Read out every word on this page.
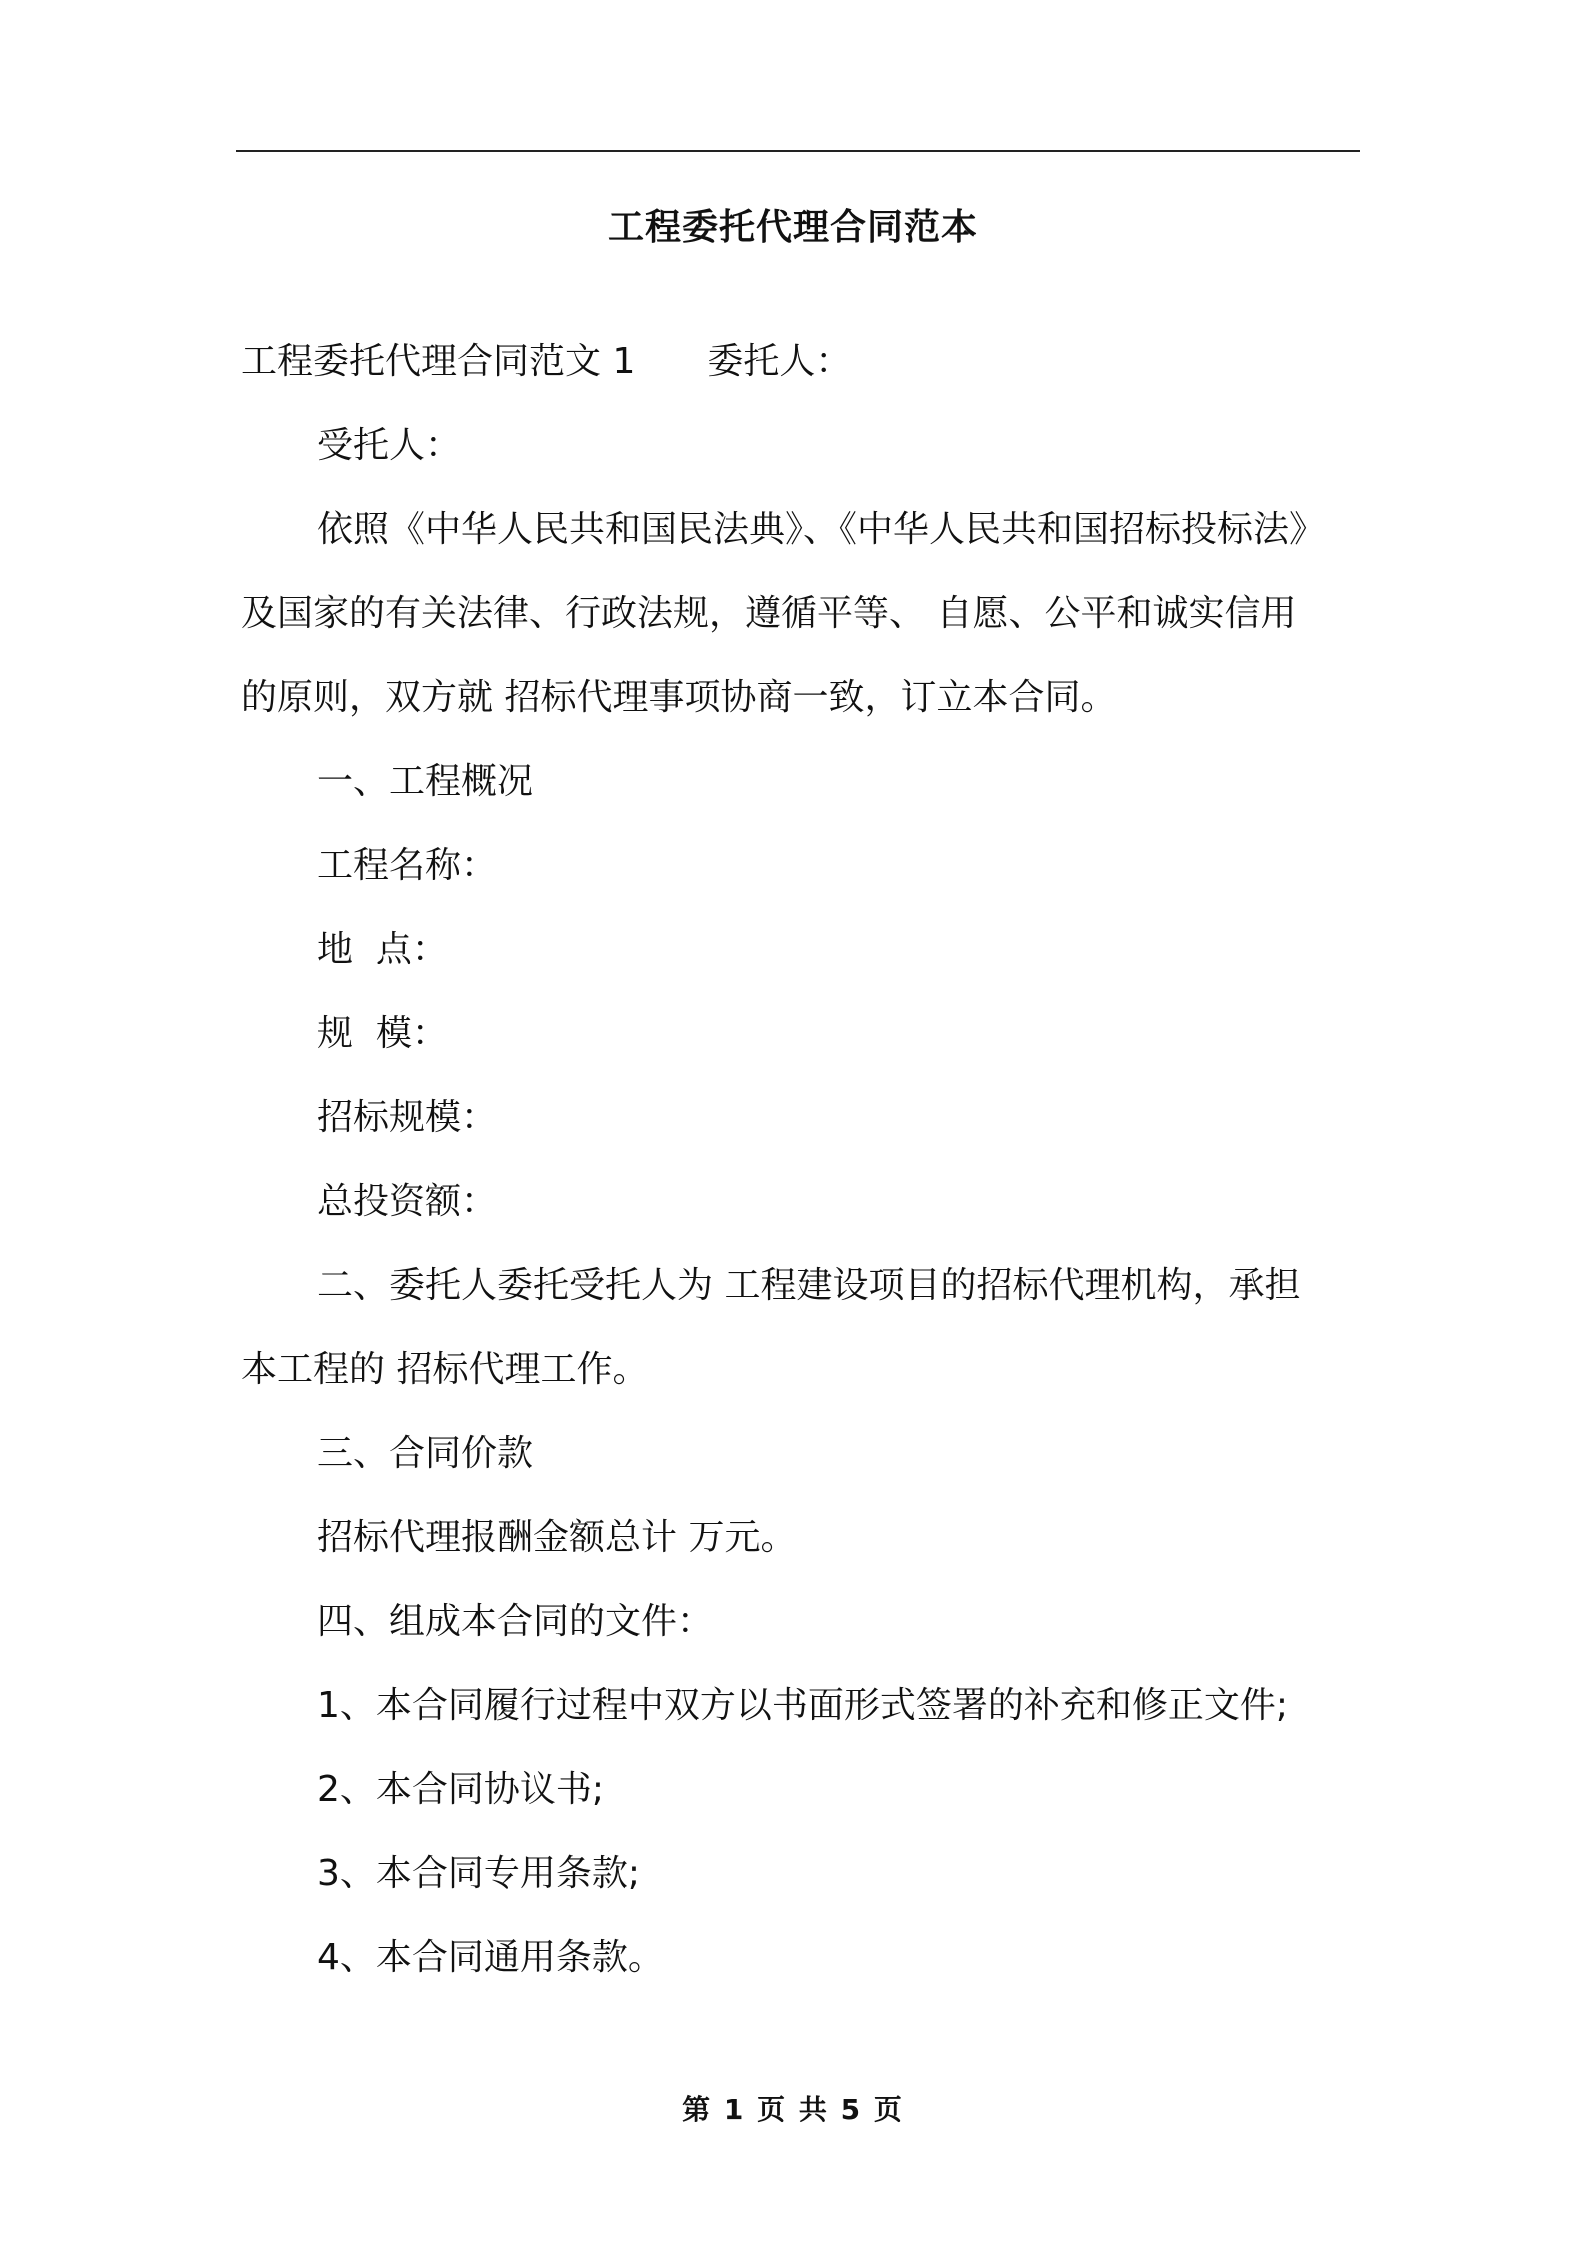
工程委托代理合同范本
工程委托代理合同范文 1 委托人：
受托人：
依照《中华人民共和国民法典》、《中华人民共和国招标投标法》
及国家的有关法律、行政法规，遵循平等、 自愿、公平和诚实信用
的原则，双方就 招标代理事项协商一致，订立本合同。
一、工程概况
工程名称：
地  点：
规  模：
招标规模：
总投资额：
二、委托人委托受托人为 工程建设项目的招标代理机构，承担
本工程的 招标代理工作。
三、合同价款
招标代理报酬金额总计 万元。
四、组成本合同的文件：
1、本合同履行过程中双方以书面形式签署的补充和修正文件;
2、本合同协议书;
3、本合同专用条款;
4、本合同通用条款。
第 1 页 共 5 页
